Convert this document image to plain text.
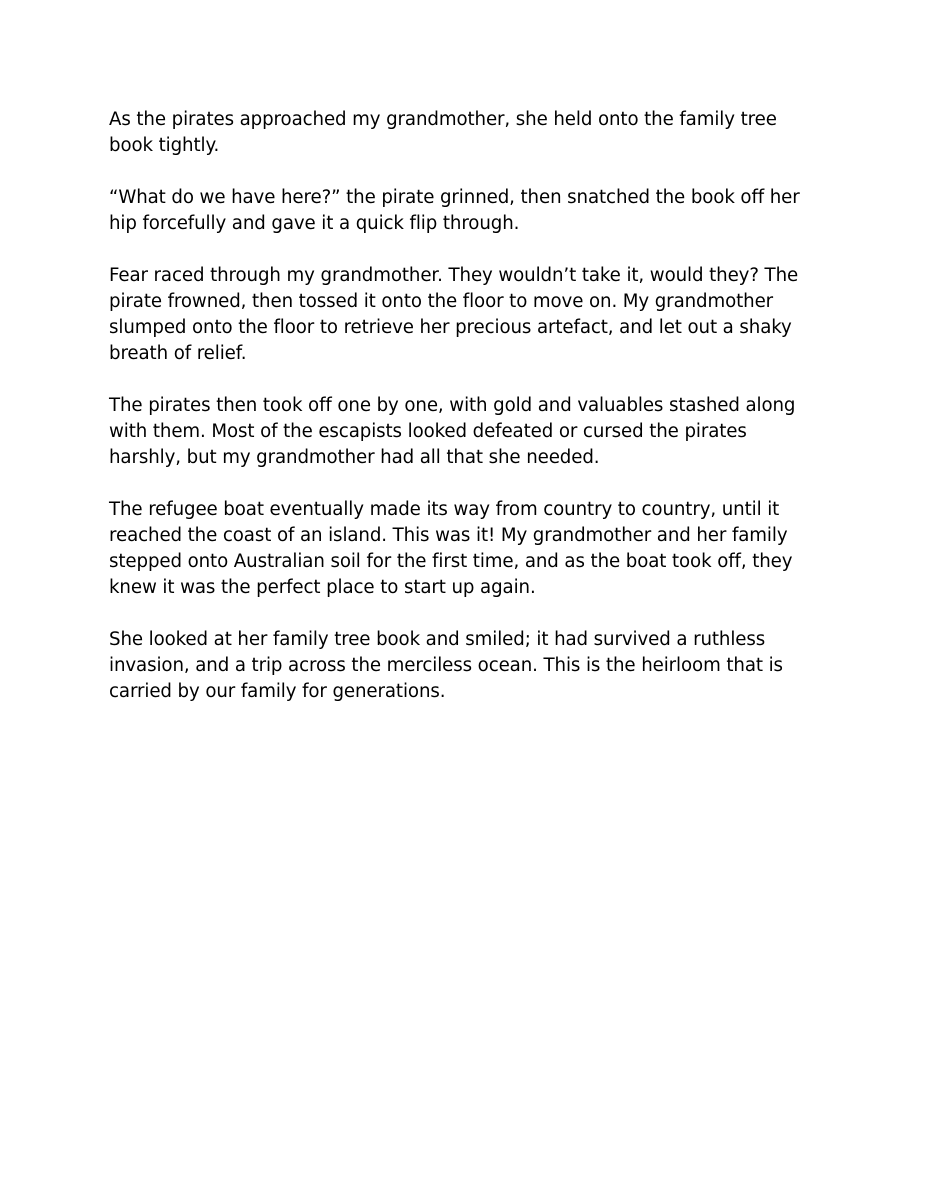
As the pirates approached my grandmother, she held onto the family tree book tightly.

“What do we have here?” the pirate grinned, then snatched the book off her hip forcefully and gave it a quick flip through.

Fear raced through my grandmother. They wouldn’t take it, would they? The pirate frowned, then tossed it onto the floor to move on. My grandmother slumped onto the floor to retrieve her precious artefact, and let out a shaky breath of relief.

The pirates then took off one by one, with gold and valuables stashed along with them. Most of the escapists looked defeated or cursed the pirates harshly, but my grandmother had all that she needed.

The refugee boat eventually made its way from country to country, until it reached the coast of an island. This was it! My grandmother and her family stepped onto Australian soil for the first time, and as the boat took off, they knew it was the perfect place to start up again.

She looked at her family tree book and smiled; it had survived a ruthless invasion, and a trip across the merciless ocean. This is the heirloom that is carried by our family for generations.
